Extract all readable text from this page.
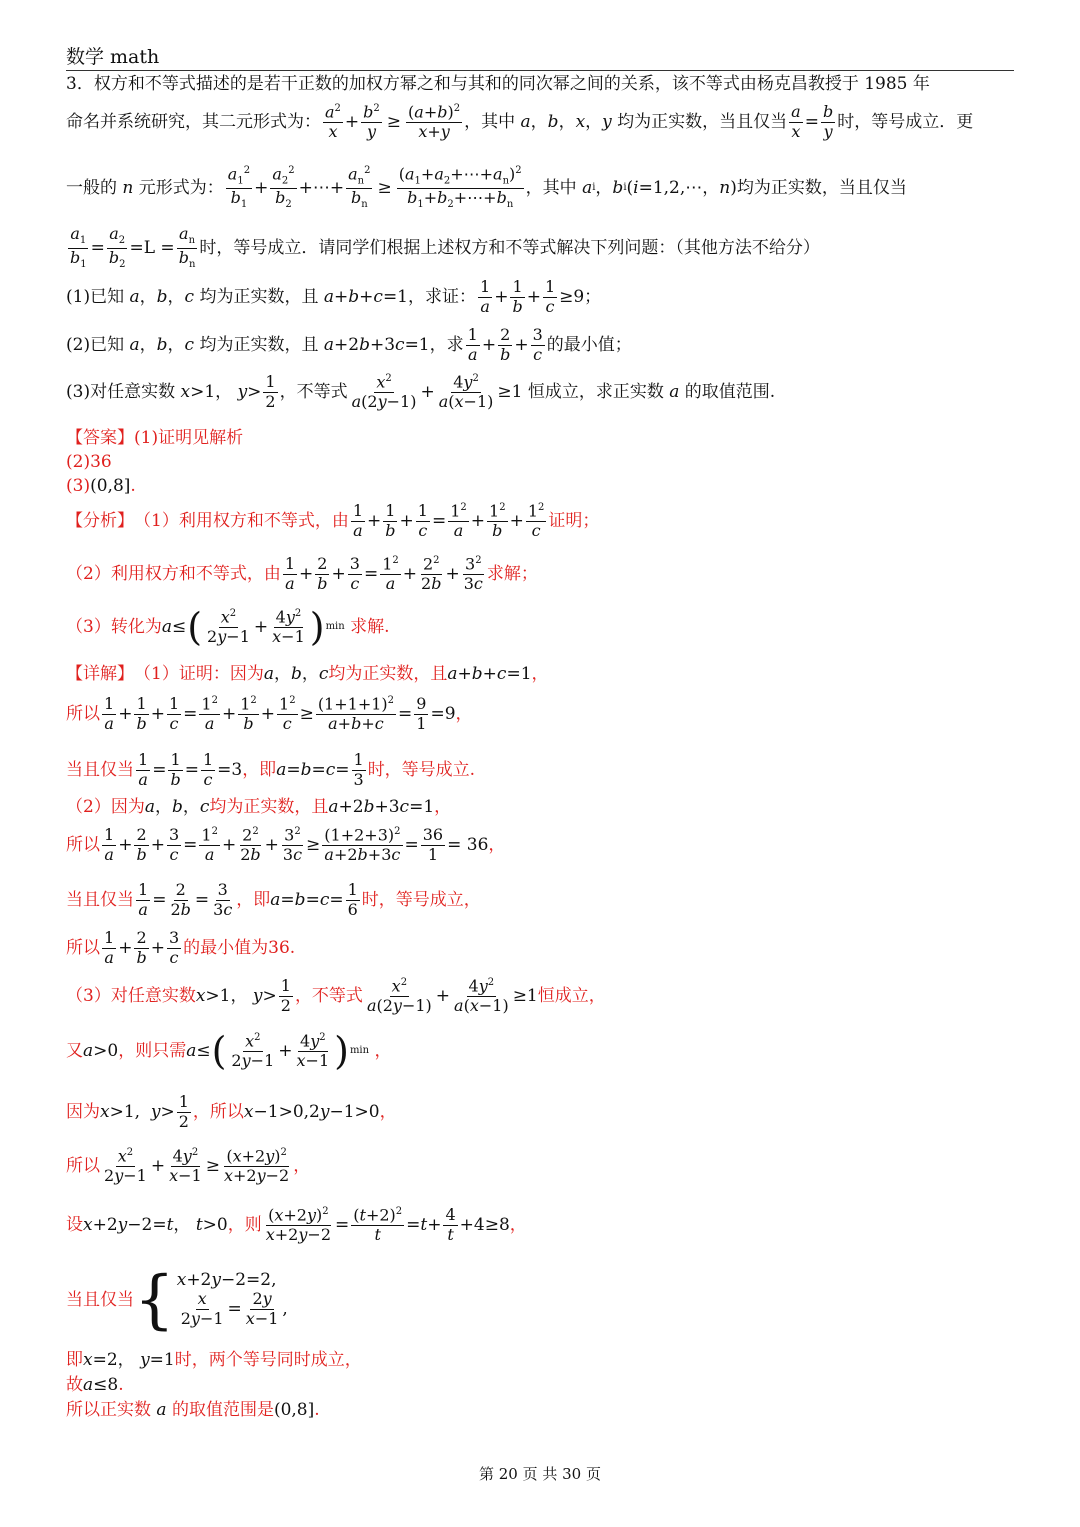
数学 math
3．权方和不等式描述的是若干正数的加权方幂之和与其和的同次幂之间的关系，该不等式由杨克昌教授于 1985 年
命名并系统研究，其二元形式为：
$a^2$
$x + \frac{b^2}{y} \ge \frac{(a+b)^2}{x+y}$ ，其中
a ， b ， x ， y
均为正实数，当且仅当
a
x =
b
y 时，等号成立．更
一般的 n 元形式为：
$a_1^2$
$b_1$
+
$a_2^2$
$b_2$
+⋯+ $\frac{a_n^2}{b_n} \ge \frac{(a_1+a_2+\cdots+a_n)^2}{b_1+b_2+\cdots+b_n}$ ，其中
a i ， b i ( i =1,2,⋯， n ) 均为正实数，当且仅当
$a_1$
$b_1$
=
$a_2$
$b_2$
=L =
$a_n$
$b_n$
时，等号成立．请同学们根据上述权方和不等式解决下列问题：（其他方法不给分）
(1)已知
a ， b ， c
均为正实数，且
a + b + c =1 ，求证：
1
a +
1
b +
1
c ≥9；
(2)已知
a ， b ， c
均为正实数，且
a +2 b +3 c =1 ，求
1
a +
2
b +
3
c 的最小值；
(3)对任意实数
x >1， y >
1
2 ，不等式
$x^2$
a(2y−1) +
$4y^2$
a(x−1) ≥1 恒成立，求正实数
a
的取值范围.
【答案】 (1)证明见解析
(2)36
(3) (0,8] .
【分析】 （1）利用权方和不等式，由
1
$a + \frac{1}{b} + \frac{1}{c} = \frac{1^2}{a} + \frac{1^2}{b} + \frac{1^2}{c}$ 证明；
（2）利用权方和不等式，由
1
$a + \frac{2}{b} + \frac{3}{c} = \frac{1^2}{a} + \frac{2^2}{2b} + \frac{3^2}{3c}$ 求解；
（3）转化为 a≤ ( $x^2$
$2y-1 + \frac{4y^2}{x-1}$ ) min
求解.
【详解】 （1）证明：因为 a，b，c 均为正实数，且 a+b+c=1 ，
所以
1
a +
1
b +
1
c =
$1^2$
a +
$1^2$
b +
$1^2$
c ≥
$(1+1+1)^2$
a+b+c =
9
1 =9 ，
当且仅当
1
a =
1
b =
1
c =3 ，即 a = b = c =
1
3 时，等号成立.
（2）因为 a，b，c 均为正实数，且 a+2b+3c=1 ，
所以
1
a +
2
b +
3
c =
$1^2$
a +
$2^2$
2b +
$3^2$
3c ≥
$(1+2+3)^2$
a+2b+3c =
36
1 = 36 ，
当且仅当
1
a =
2
2b =
3
3c ，即 a = b = c =
1
6 时，等号成立，
所以
1
a +
2
b +
3
c 的最小值为36.
（3）对任意实数 x >1， y >
1
2 ，不等式
$x^2$
a(2y−1) +
$4y^2$
a(x−1) ≥1 恒成立，
又 a>0 ，则只需 a ≤ ( $x^2$
2y−1 +
$4y^2$
x−1 ) min ，
因为 x >1, y >
1
2 ，所以 x−1>0,2y−1>0 ，
所以
$x^2$
2y−1 +
$4y^2$
x−1 ≥
$(x+2y)^2$
x+2y−2 ，
设 x+2y−2=t， t>0 ，则
$(x+2y)^2$
x+2y−2 =
$(t+2)^2$
t = t +
4
t +4≥8 ，
当且仅当 { x+2y−2=2,
x
2y−1 =
2y
x−1 ,
即 x=2， y=1 时，两个等号同时成立，
故 a≤8 .
所以正实数 a 的取值范围是 (0,8] .
第 20 页 共 30 页
